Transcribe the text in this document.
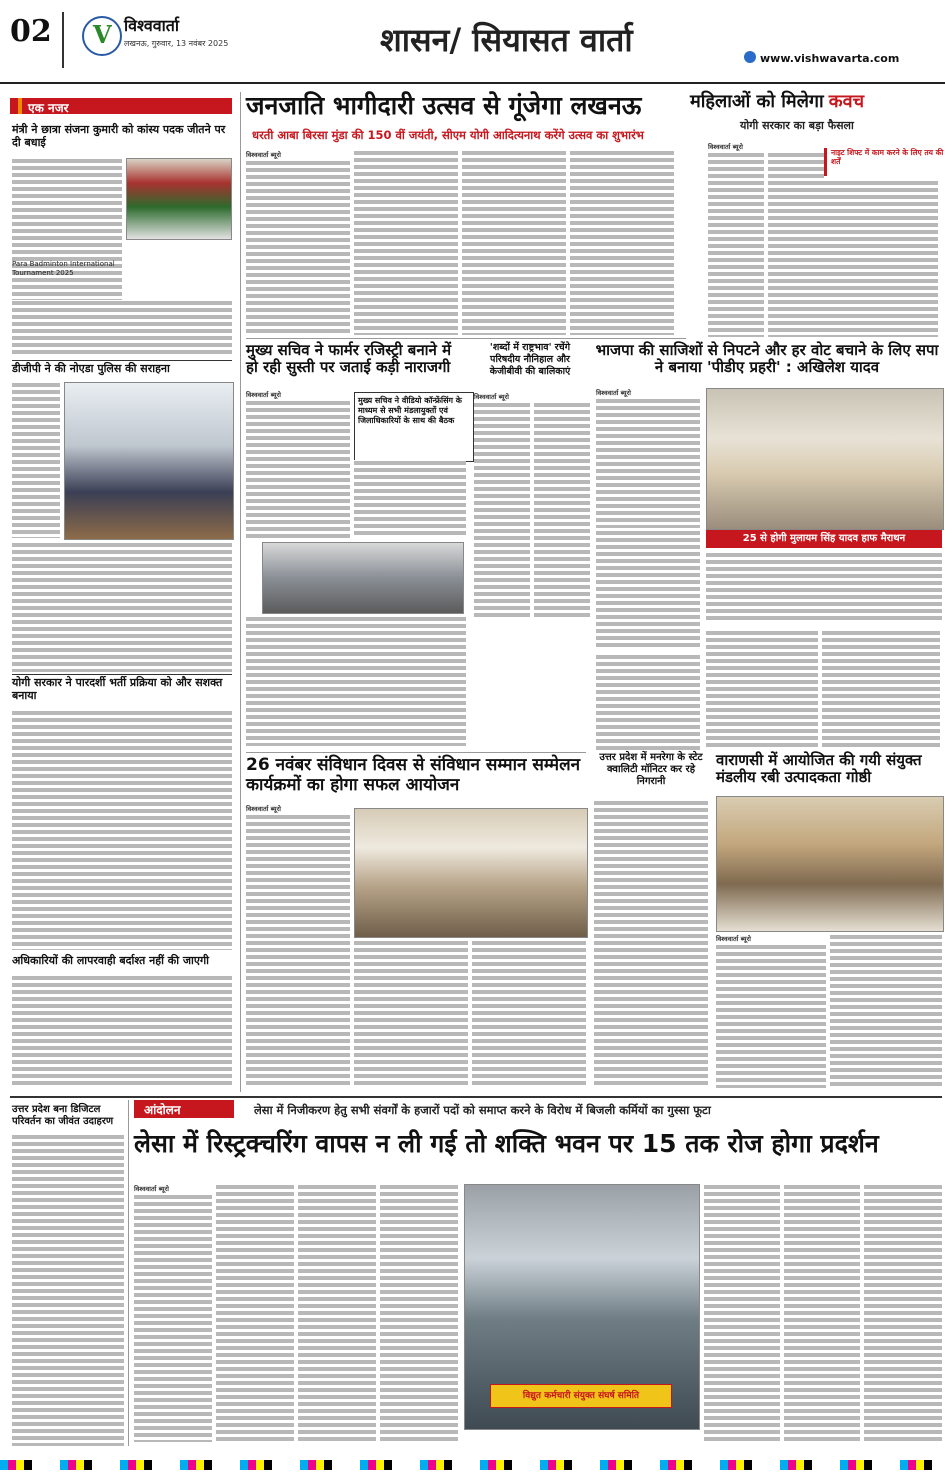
02 V	विश्ववार्ता
लखनऊ, गुरुवार, 13 नवंबर 2025	शासन/ सियासत वार्ता	www.vishwavarta.com
एक नजर
मंत्री ने छात्रा संजना कुमारी को कांस्य पदक जीतने पर दी बधाई
Para Badminton International Tournament 2025
डीजीपी ने की नोएडा पुलिस की सराहना
योगी सरकार ने पारदर्शी भर्ती प्रक्रिया को और सशक्त बनाया
अधिकारियों की लापरवाही बर्दाश्त नहीं की जाएगी
जनजाति भागीदारी उत्सव से गूंजेगा लखनऊ
धरती आबा बिरसा मुंडा की 150 वीं जयंती, सीएम योगी आदित्यनाथ करेंगे उत्सव का शुभारंभ
विश्ववार्ता ब्यूरो
महिलाओं को मिलेगा कवच
योगी सरकार का बड़ा फैसला
विश्ववार्ता ब्यूरो
नाइट शिफ्ट में काम करने के लिए तय की शर्तें
मुख्य सचिव ने फार्मर रजिस्ट्री बनाने में हो रही सुस्ती पर जताई कड़ी नाराजगी
विश्ववार्ता ब्यूरो
मुख्य सचिव ने वीडियो कॉन्फ्रेंसिंग के माध्यम से सभी मंडलायुक्तों एवं जिलाधिकारियों के साथ की बैठक
'शब्दों में राष्ट्रभाव' रचेंगे परिषदीय नौनिहाल और केजीबीवी की बालिकाएं
विश्ववार्ता ब्यूरो
भाजपा की साजिशों से निपटने और हर वोट बचाने के लिए सपा ने बनाया 'पीडीए प्रहरी' : अखिलेश यादव
विश्ववार्ता ब्यूरो
25 से होगी मुलायम सिंह यादव हाफ मैराथन
26 नवंबर संविधान दिवस से संविधान सम्मान सम्मेलन कार्यक्रमों का होगा सफल आयोजन
विश्ववार्ता ब्यूरो
उत्तर प्रदेश में मनरेगा के स्टेट क्वालिटी मॉनिटर कर रहे निगरानी
वाराणसी में आयोजित की गयी संयुक्त मंडलीय रबी उत्पादकता गोष्ठी
विश्ववार्ता ब्यूरो
उत्तर प्रदेश बना डिजिटल परिवर्तन का जीवंत उदाहरण
आंदोलन	लेसा में निजीकरण हेतु सभी संवर्गों के हजारों पदों को समाप्त करने के विरोध में बिजली कर्मियों का गुस्सा फूटा
लेसा में रिस्ट्रक्चरिंग वापस न ली गई तो शक्ति भवन पर 15 तक रोज होगा प्रदर्शन
विश्ववार्ता ब्यूरो
विद्युत कर्मचारी संयुक्त संघर्ष समिति
